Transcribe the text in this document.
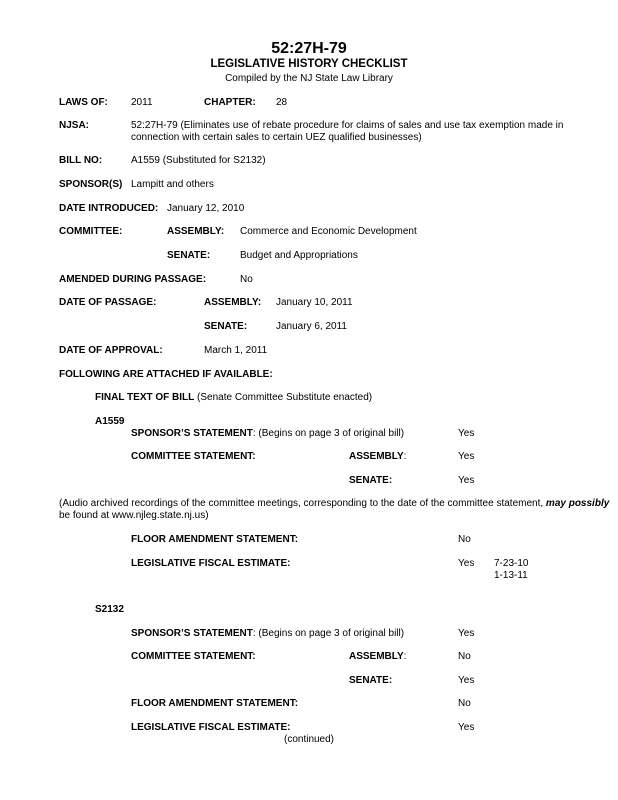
52:27H-79
LEGISLATIVE HISTORY CHECKLIST
Compiled by the NJ State Law Library
LAWS OF: 2011	CHAPTER: 28
NJSA:	52:27H-79 (Eliminates use of rebate procedure for claims of sales and use tax exemption made in
connection with certain sales to certain UEZ qualified businesses)
BILL NO:	A1559 (Substituted for S2132)
SPONSOR(S) Lampitt and others
DATE INTRODUCED: January 12, 2010
COMMITTEE:	ASSEMBLY: Commerce and Economic Development
SENATE:	Budget and Appropriations
AMENDED DURING PASSAGE:	No
DATE OF PASSAGE:	ASSEMBLY: January 10, 2011
SENATE:	January 6, 2011
DATE OF APPROVAL:	March 1, 2011
FOLLOWING ARE ATTACHED IF AVAILABLE:
FINAL TEXT OF BILL (Senate Committee Substitute enacted)
A1559
SPONSOR’S STATEMENT: (Begins on page 3 of original bill)	Yes
COMMITTEE STATEMENT:	ASSEMBLY:	Yes
SENATE:	Yes
(Audio archived recordings of the committee meetings, corresponding to the date of the committee statement, may possibly
be found at www.njleg.state.nj.us)
FLOOR AMENDMENT STATEMENT:	No
LEGISLATIVE FISCAL ESTIMATE:	Yes 7-23-10
1-13-11
S2132
SPONSOR’S STATEMENT: (Begins on page 3 of original bill)	Yes
COMMITTEE STATEMENT:	ASSEMBLY:	No
SENATE:	Yes
FLOOR AMENDMENT STATEMENT:	No
LEGISLATIVE FISCAL ESTIMATE:	Yes
(continued)
